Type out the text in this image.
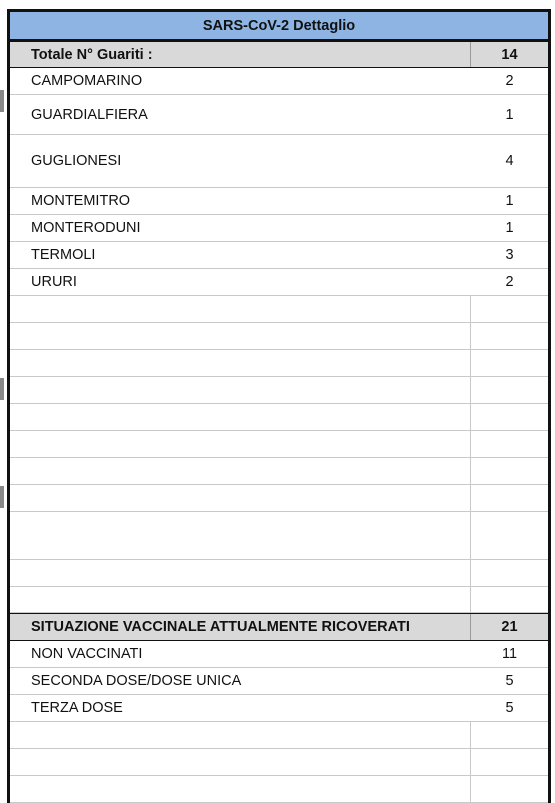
SARS-CoV-2 Dettaglio
Totale N° Guariti :	14
CAMPOMARINO	2
GUARDIALFIERA	1
GUGLIONESI	4
MONTEMITRO	1
MONTERODUNI	1
TERMOLI	3
URURI	2
SITUAZIONE VACCINALE ATTUALMENTE RICOVERATI	21
NON VACCINATI	11
SECONDA DOSE/DOSE UNICA	5
TERZA DOSE	5
